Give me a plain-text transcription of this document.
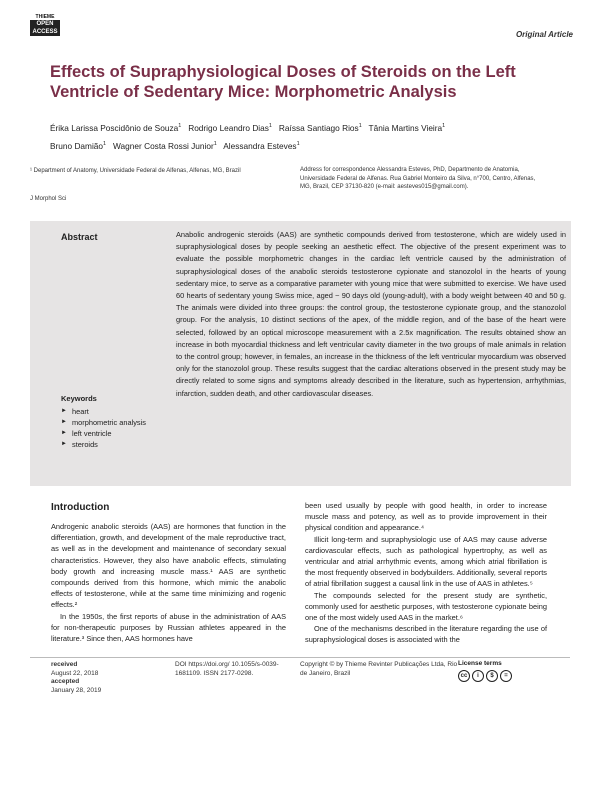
THIEME
OPEN
ACCESS	Original Article
Effects of Supraphysiological Doses of Steroids on the Left Ventricle of Sedentary Mice: Morphometric Analysis
Érika Larissa Poscidônio de Souza$^1$ Rodrigo Leandro Dias$^1$ Raíssa Santiago Rios$^1$ Tânia Martins Vieira$^1$
Bruno Damião$^1$ Wagner Costa Rossi Junior$^1$ Alessandra Esteves$^1$
¹ Department of Anatomy, Universidade Federal de Alfenas, Alfenas, MG, Brazil
J Morphol Sci
Address for correspondence Alessandra Esteves, PhD, Departmento de Anatomia, Universidade Federal de Alfenas. Rua Gabriel Monteiro da Silva, n°700, Centro, Alfenas, MG, Brazil, CEP 37130-820 (e-mail: aesteves015@gmail.com).
Abstract	Anabolic androgenic steroids (AAS) are synthetic compounds derived from testosterone, which are widely used in supraphysiological doses by people seeking an aesthetic effect. The objective of the present experiment was to evaluate the possible morphometric changes in the cardiac left ventricle caused by the administration of supraphysiological doses of the anabolic steroids testosterone cypionate and stanozolol in the hearts of young sedentary mice, to serve as a comparative parameter with young mice that were submitted to exercise. We have used 60 hearts of sedentary young Swiss mice, aged ~ 90 days old (young-adult), with a body weight between 40 and 50 g. The animals were divided into three groups: the control group, the testosterone cypionate group, and the stanozolol group. For the analysis, 10 distinct sections of the apex, of the middle region, and of the base of the heart were selected, followed by an optical microscope measurement with a 2.5x magnification. The results obtained show an increase in both myocardial thickness and left ventricular cavity diameter in the two groups of male animals in relation to the control group; however, in females, an increase in the thickness of the left ventricular myocardium was observed only for the stanozolol group. These results suggest that the cardiac alterations observed in the present study may be directly related to some signs and symptoms already described in the literature, such as hypertension, arrhythmias, infarction, sudden death, and other cardiovascular diseases.
Keywords
► heart
► morphometric analysis
► left ventricle
► steroids
Introduction

Androgenic anabolic steroids (AAS) are hormones that function in the differentiation, growth, and development of the male reproductive tract, as well as in the development and maintenance of secondary sexual characteristics. However, they also have anabolic effects, stimulating body growth and increasing muscle mass.¹ AAS are synthetic compounds derived from this hormone, which mimic the anabolic effects of testosterone, while at the same time minimizing and rogenic effects.²

In the 1950s, the first reports of abuse in the administration of AAS for non-therapeutic purposes by Russian athletes appeared in the literature.³ Since then, AAS hormones have

been used usually by people with good health, in order to increase muscle mass and potency, as well as to provide improvement in their physical condition and appearance.⁴

Illicit long-term and supraphysiologic use of AAS may cause adverse cardiovascular effects, such as pathological hypertrophy, as well as ventricular and atrial arrhythmic events, among which atrial fibrillation is the most frequently observed in bodybuilders. Additionally, several reports of atrial fibrillation suggest a causal link in the use of AAS in athletes.⁵

The compounds selected for the present study are synthetic, commonly used for aesthetic purposes, with testosterone cypionate being one of the most widely used AAS in the market.⁶

One of the mechanisms described in the literature regarding the use of supraphysiological doses is associated with the

received
August 22, 2018
accepted
January 28, 2019
DOI https://doi.org/ 10.1055/s-0039-1681109. ISSN 2177-0298.
Copyright © by Thieme Revinter Publicações Ltda, Rio de Janeiro, Brazil
License terms
cc	i	$	=
